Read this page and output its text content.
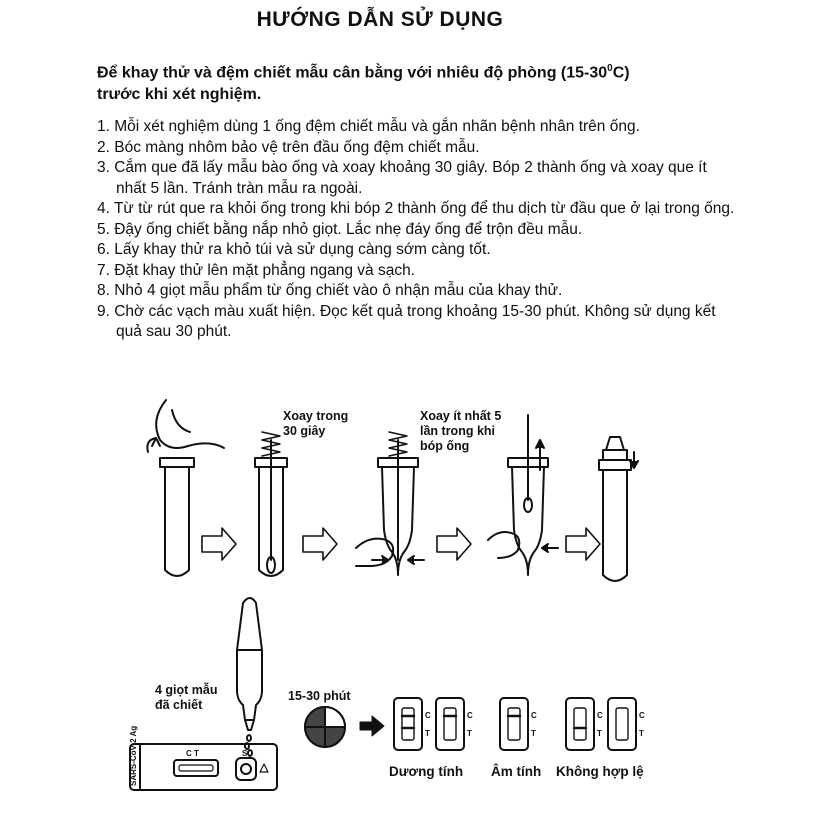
HƯỚNG DẪN SỬ DỤNG
Để khay thử và đệm chiết mẫu cân bằng với nhiêu độ phòng $(15-30^0C)$
trước khi xét nghiệm.
1. Mỗi xét nghiệm dùng 1 ống đệm chiết mẫu và gắn nhãn bệnh nhân trên ống.
2. Bóc màng nhôm bảo vệ trên đầu ống đệm chiết mẫu.
3. Cắm que đã lấy mẫu bào ống và xoay khoảng 30 giây. Bóp 2 thành ống và xoay que ít nhất 5 lần. Tránh tràn mẫu ra ngoài.
4. Từ từ rút que ra khỏi ống trong khi bóp 2 thành ống để thu dịch từ đầu que ở lại trong ống.
5. Đậy ống chiết bằng nắp nhỏ giọt. Lắc nhẹ đáy ống để trộn đều mẫu.
6. Lấy khay thử ra khỏ túi và sử dụng càng sớm càng tốt.
7. Đặt khay thử lên mặt phẳng ngang và sạch.
8. Nhỏ 4 giọt mẫu phẩm từ ống chiết vào ô nhận mẫu của khay thử.
9. Chờ các vạch màu xuất hiện. Đọc kết quả trong khoảng 15-30 phút. Không sử dụng kết quả sau 30 phút.
Xoay trong
30 giây
Xoay ít nhất 5
lần trong khi
bóp ống
4 giọt mẫu
đã chiết
C T	S
SARS-CoV-2 Ag
15-30 phút
C
T
C
T
Dương tính
C
T
Âm tính
C
T
C
T
Không hợp lệ
